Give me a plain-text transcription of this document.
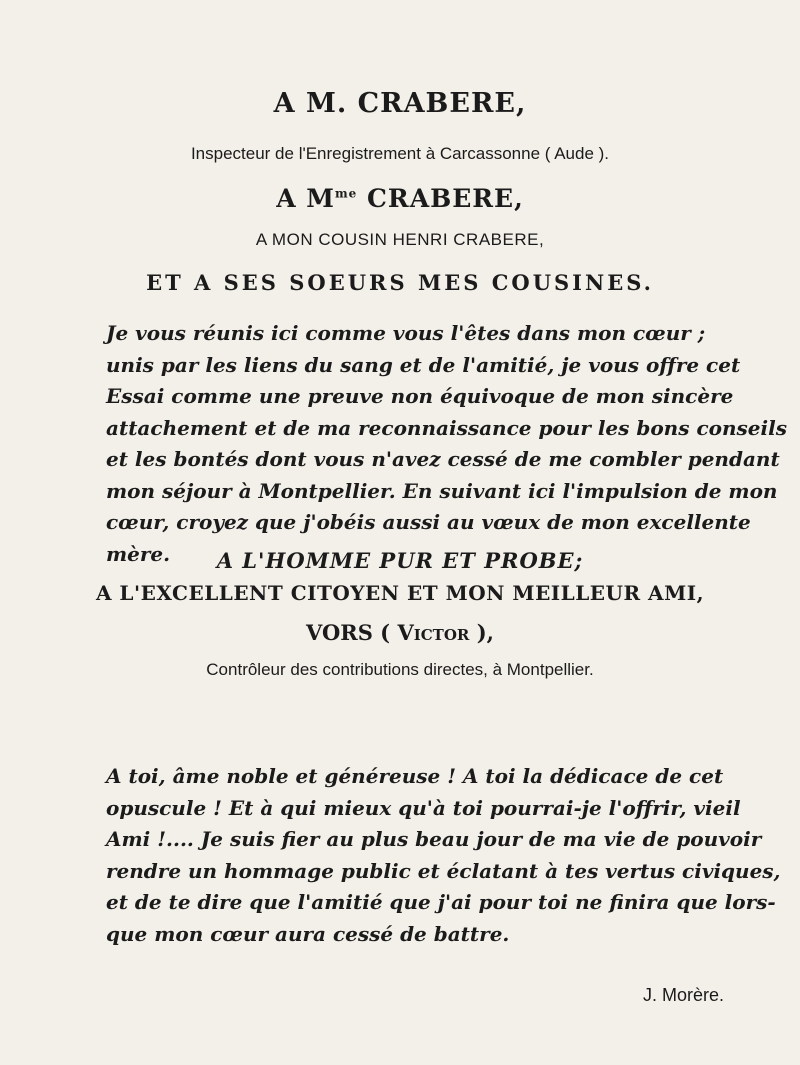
A M. CRABERE,
Inspecteur de l'Enregistrement à Carcassonne ( Aude ).
A $M^{me}$ CRABERE,
A MON COUSIN HENRI CRABERE,
ET A SES SOEURS MES COUSINES.
Je vous réunis ici comme vous l'êtes dans mon cœur ;
unis par les liens du sang et de l'amitié, je vous offre cet
Essai comme une preuve non équivoque de mon sincère
attachement et de ma reconnaissance pour les bons conseils
et les bontés dont vous n'avez cessé de me combler pendant
mon séjour à Montpellier. En suivant ici l'impulsion de mon
cœur, croyez que j'obéis aussi au vœux de mon excellente
mère.	A L'HOMME PUR ET PROBE;
A L'EXCELLENT CITOYEN ET MON MEILLEUR AMI,
VORS ( Victor ),
Contrôleur des contributions directes, à Montpellier.
A toi, âme noble et généreuse ! A toi la dédicace de cet
opuscule ! Et à qui mieux qu'à toi pourrai-je l'offrir, vieil
Ami !.... Je suis fier au plus beau jour de ma vie de pouvoir
rendre un hommage public et éclatant à tes vertus civiques,
et de te dire que l'amitié que j'ai pour toi ne finira que lors-
que mon cœur aura cessé de battre.
J. Morère.
